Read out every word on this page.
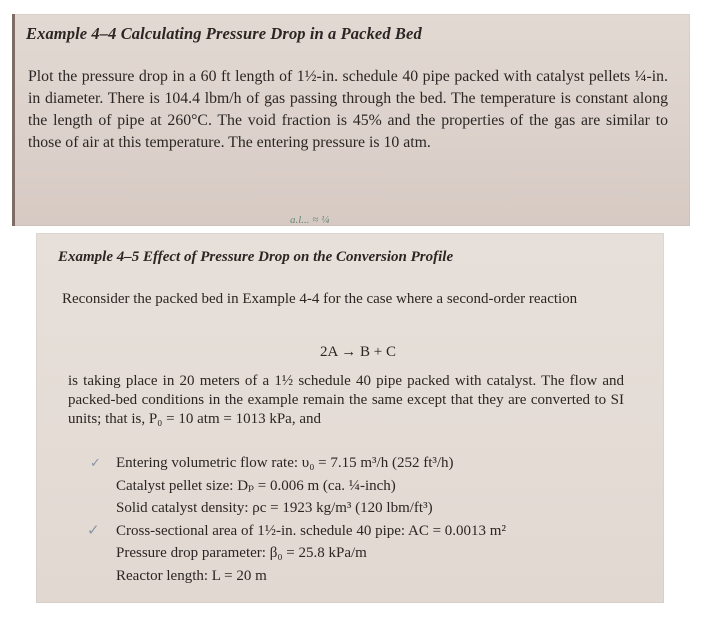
Example 4–4 Calculating Pressure Drop in a Packed Bed
Plot the pressure drop in a 60 ft length of 1½-in. schedule 40 pipe packed with catalyst pellets ¼-in. in diameter. There is 104.4 lbm/h of gas passing through the bed. The temperature is constant along the length of pipe at 260°C. The void fraction is 45% and the properties of the gas are similar to those of air at this temperature. The entering pressure is 10 atm.
a.l... ≈ ¼
Example 4–5 Effect of Pressure Drop on the Conversion Profile
Reconsider the packed bed in Example 4-4 for the case where a second-order reaction
2A → B + C
is taking place in 20 meters of a 1½ schedule 40 pipe packed with catalyst. The flow and packed-bed conditions in the example remain the same except that they are converted to SI units; that is, P₀ = 10 atm = 1013 kPa, and
✓ Entering volumetric flow rate: υ₀ = 7.15 m³/h (252 ft³/h)
Catalyst pellet size: Dₚ = 0.006 m (ca. ¼-inch)
Solid catalyst density: ρc = 1923 kg/m³ (120 lbm/ft³)
✓ Cross-sectional area of 1½-in. schedule 40 pipe: AC = 0.0013 m²
Pressure drop parameter: β₀ = 25.8 kPa/m
Reactor length: L = 20 m
